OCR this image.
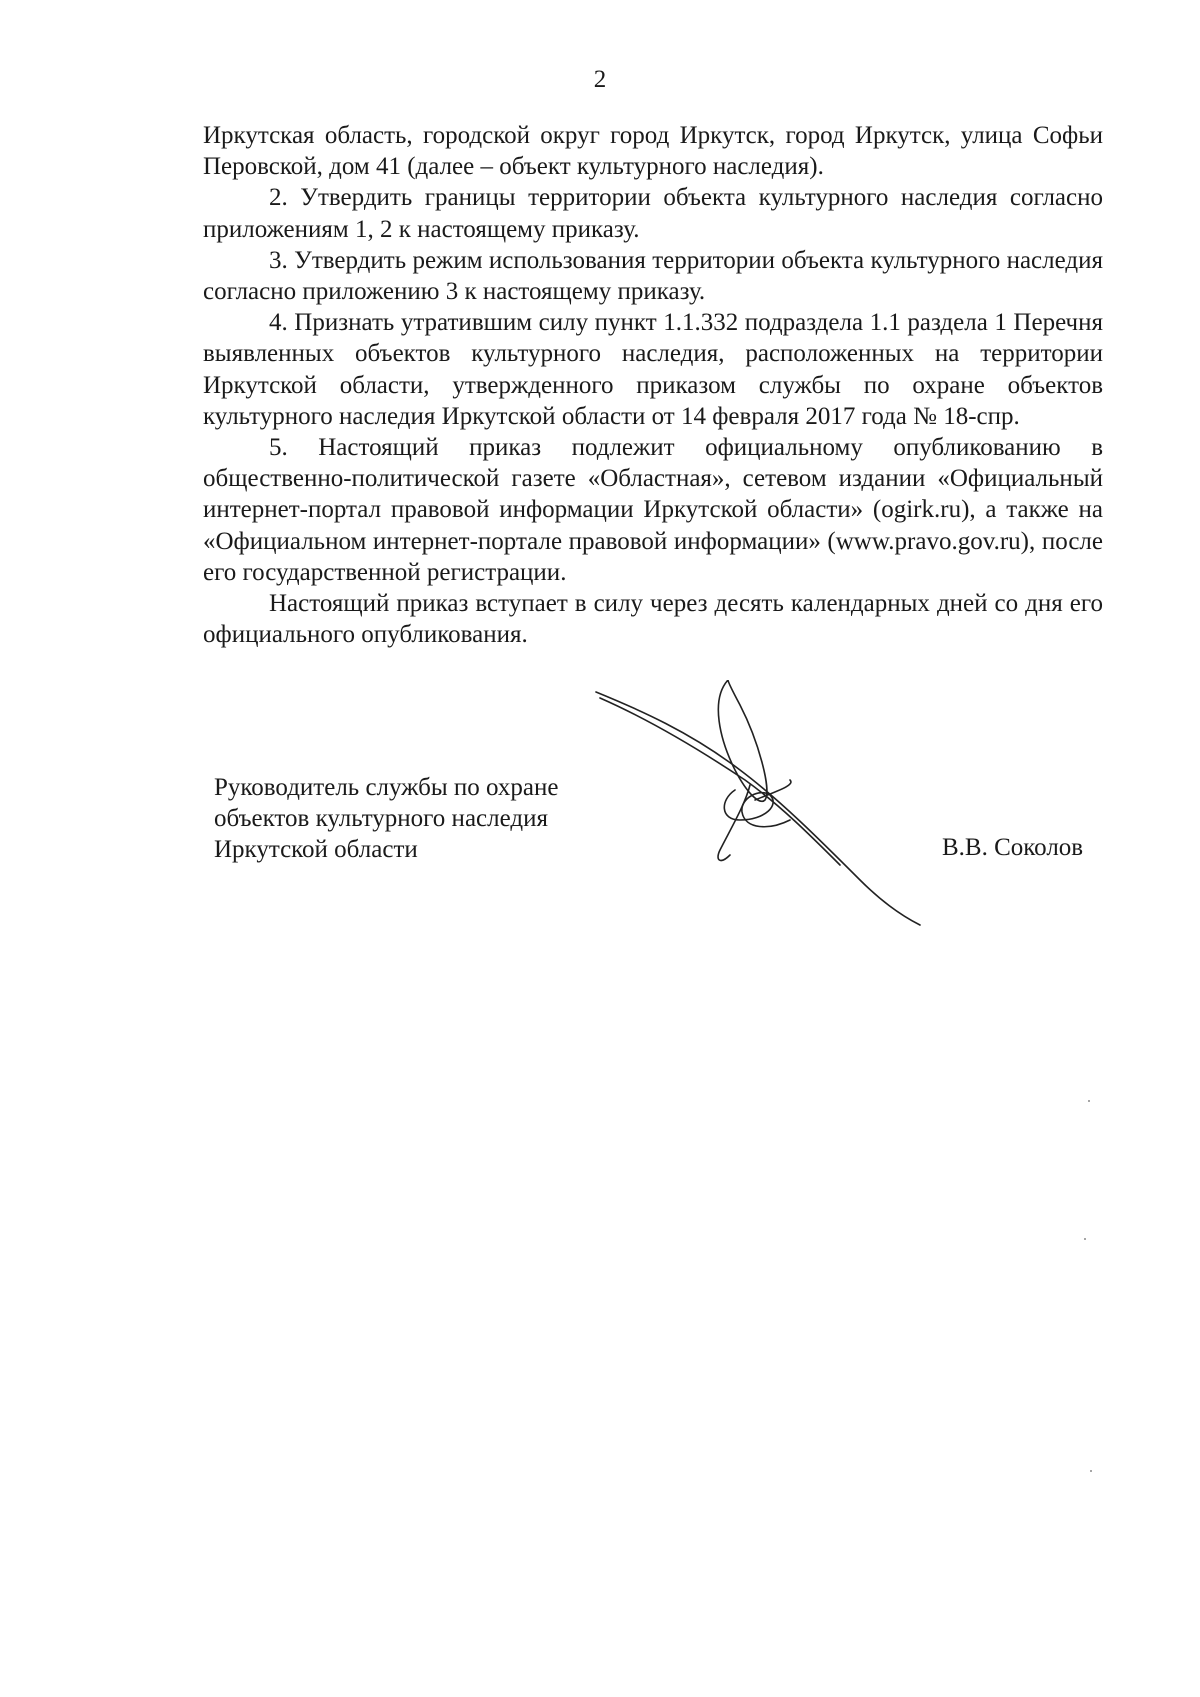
2

Иркутская область, городской округ город Иркутск, город Иркутск, улица Софьи Перовской, дом 41 (далее – объект культурного наследия).

2. Утвердить границы территории объекта культурного наследия согласно приложениям 1, 2 к настоящему приказу.

3. Утвердить режим использования территории объекта культурного наследия согласно приложению 3 к настоящему приказу.

4. Признать утратившим силу пункт 1.1.332 подраздела 1.1 раздела 1 Перечня выявленных объектов культурного наследия, расположенных на территории Иркутской области, утвержденного приказом службы по охране объектов культурного наследия Иркутской области от 14 февраля 2017 года № 18-спр.

5. Настоящий приказ подлежит официальному опубликованию в общественно-политической газете «Областная», сетевом издании «Официальный интернет-портал правовой информации Иркутской области» (ogirk.ru), а также на «Официальном интернет-портале правовой информации» (www.pravo.gov.ru), после его государственной регистрации.

Настоящий приказ вступает в силу через десять календарных дней со дня его официального опубликования.

Руководитель службы по охране
объектов культурного наследия
Иркутской области	В.В. Соколов
